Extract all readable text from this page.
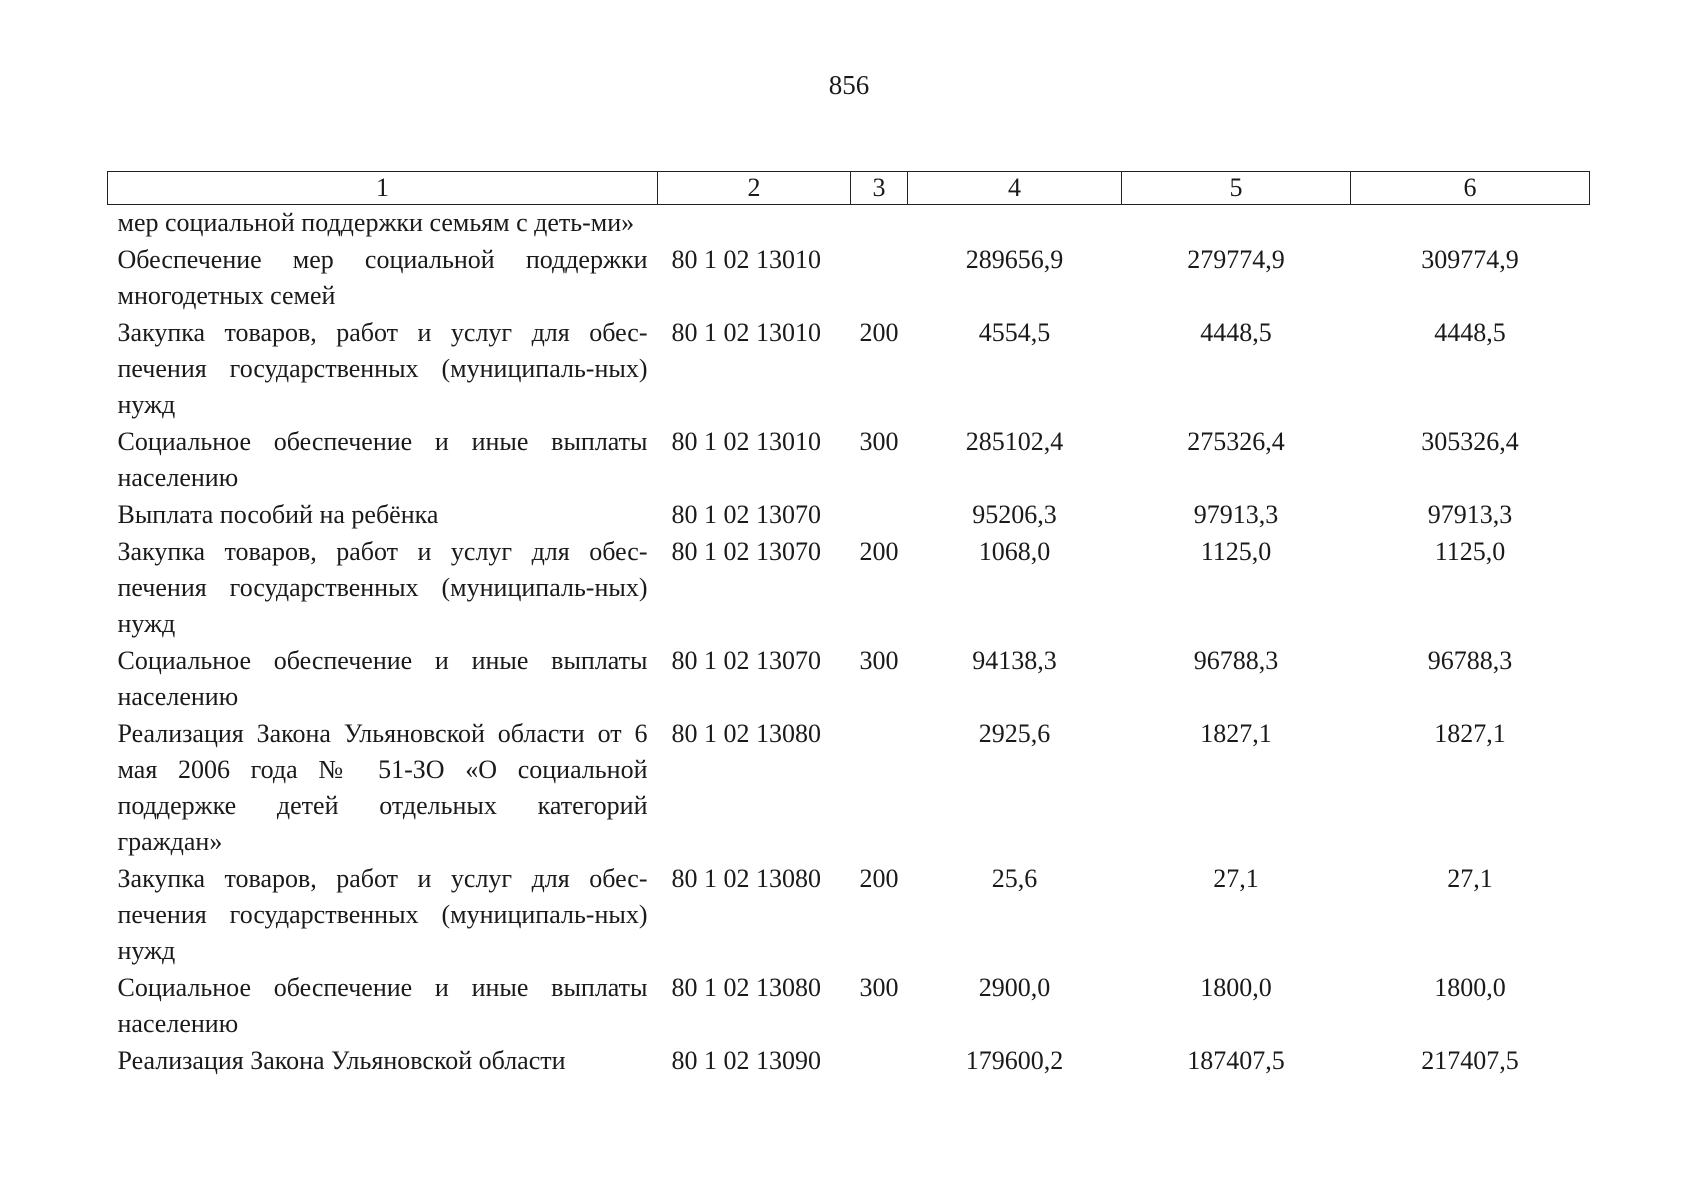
856
1	2	3	4	5	6
мер социальной поддержки семьям с деть-ми»					
Обеспечение мер социальной поддержки многодетных семей	80 1 02 13010		289656,9	279774,9	309774,9
Закупка товаров, работ и услуг для обес-печения государственных (муниципаль-ных) нужд	80 1 02 13010	200	4554,5	4448,5	4448,5
Социальное обеспечение и иные выплаты населению	80 1 02 13010	300	285102,4	275326,4	305326,4
Выплата пособий на ребёнка	80 1 02 13070		95206,3	97913,3	97913,3
Закупка товаров, работ и услуг для обес-печения государственных (муниципаль-ных) нужд	80 1 02 13070	200	1068,0	1125,0	1125,0
Социальное обеспечение и иные выплаты населению	80 1 02 13070	300	94138,3	96788,3	96788,3
Реализация Закона Ульяновской области от 6 мая 2006 года № 51-ЗО «О социальной поддержке детей отдельных категорий граждан»	80 1 02 13080		2925,6	1827,1	1827,1
Закупка товаров, работ и услуг для обес-печения государственных (муниципаль-ных) нужд	80 1 02 13080	200	25,6	27,1	27,1
Социальное обеспечение и иные выплаты населению	80 1 02 13080	300	2900,0	1800,0	1800,0
Реализация Закона Ульяновской области	80 1 02 13090		179600,2	187407,5	217407,5
